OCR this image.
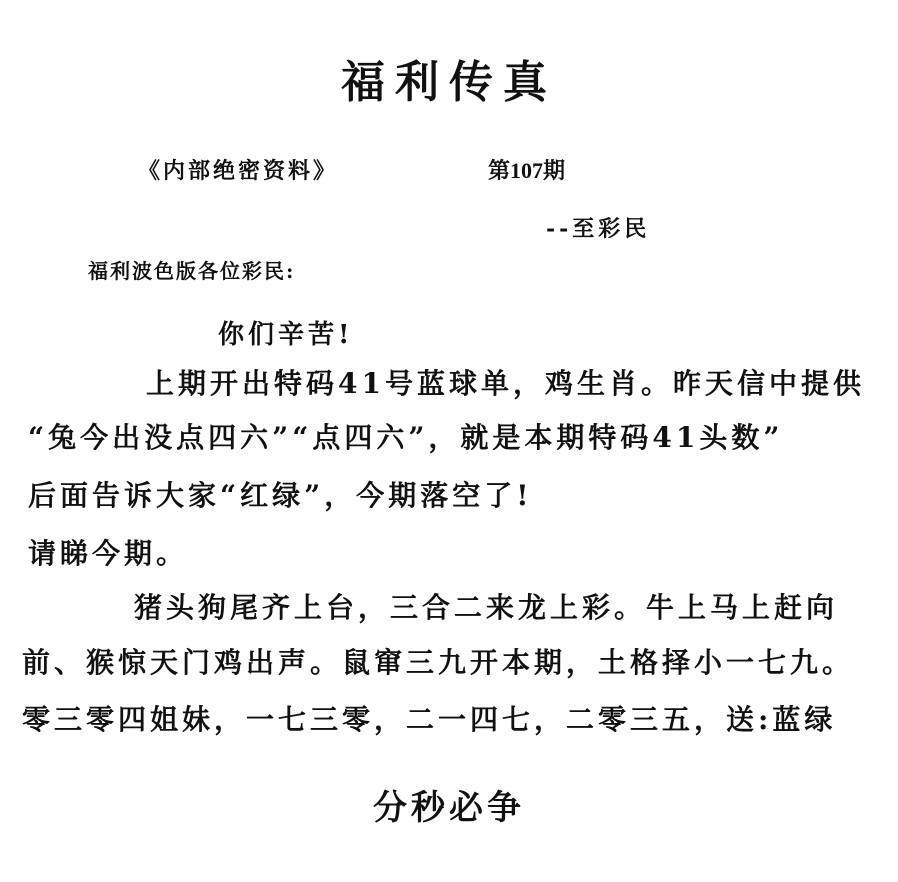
福利传真
《内部绝密资料》	第107期
--至彩民
福利波色版各位彩民:
你们辛苦!
上期开出特码41号蓝球单，鸡生肖。昨天信中提供
“兔今出没点四六”“点四六”，就是本期特码41头数”
后面告诉大家“红绿”，今期落空了!
请睇今期。
猪头狗尾齐上台，三合二来龙上彩。牛上马上赶向
前、猴惊天门鸡出声。鼠窜三九开本期，土格择小一七九。
零三零四姐妹，一七三零，二一四七，二零三五，送:蓝绿
分秒必争
